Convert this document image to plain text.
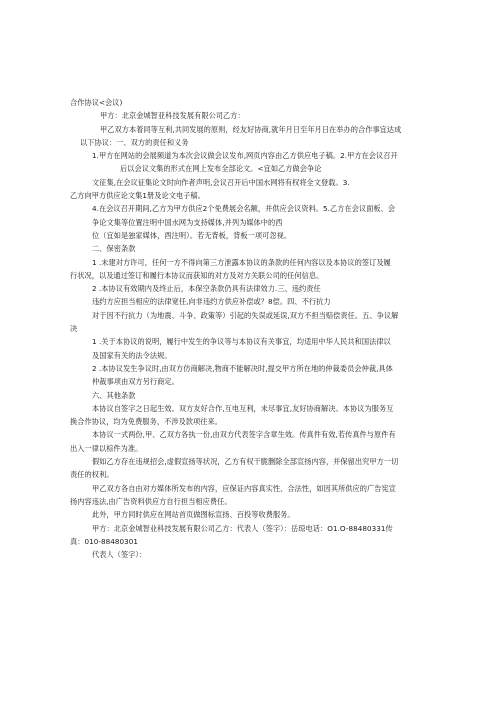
合作协议<会议)
甲方：北京金城智亚科技发展有限公司乙方：
甲乙双方本着同等互利,共同发展的原则，经友好协商,就年月日至年月日在举办的合作事宜达成
以下协议：一、双方的责任和义务
1.甲方在网站的会展频道为本次会议做会议发布,网页内容由乙方供应电子稿。2.甲方在会议召开
后以会议文集的形式在网上发布全部论文。<宜如乙方做会争论
文征集,在会议征集论文时向作者声明,会议召开后中国水网将有权将全文登载。3.
乙方向甲方供应论文集1册及论文电子稿。
4.在会议召开期间,乙方为甲方供应2个免费展会名额，并供应会议资料。5.乙方在会议面板、会
争论文集等位置注明中国水网为支持媒体,并列为媒体中的西
位（宜如是独家媒体，酉注明）。若无背板，背板一项可忽视。
二、保密条款
1 .未建对方许可，任何一方不得向第三方泄露本协议的条款的任何内容以及本协议的签订及履
行状况，以及通过签订和履行本协议而获知的对方及对方关联公司的任何信息。
2 .本协议有效期内及终止后，本保空条款仍具有法律效力.三、违约责任
违约方应担当相应的法律宽任,向非违约方供应补偿或？8偿。四、不行抗力
对于因不行抗力（为地震、斗争、政策等）引起的失误或延误,双方不担当赔偿责任。五、争议解
决
1 .关于本协议的说明，履行中发生的争议等与本协议有关事宜，均适用中华人民共和国法律以
及国家有关的法令法规。
2 .本协议发生争议时,由双方仿商解决,物商不能解决时,提交甲方所在地的仲裁委员会仲裁,具体
仲裁事项由双方另行商定。
六、其他条款
本协议自签字之日起生效。双方友好合作,互电互利，未尽事宜,友好协商解决。本协议为服务互
换合作协议，均为免费服务，不涉及款项往来。
本协议一式两份,甲、乙双方各执一份,由双方代表签字含章生效。传真件有效,若传真件与原件有
出入一律以棕件为准。
假如乙方存在违规招会,虚假宣扬等状况，乙方有权干脆删除全部宣扬内容，并保留出究甲方一切
责任的权利。
甲乙双方各自由对方媒体所发布的内容，应保证内容真实性、合法性，如因其所供应的广告宪宣
扬内容违法,由广告资料供应方自行担当相应费任。
此外，甲方同时供应在网站首页做图标宣扬、百投等收费服务。
甲方：北京金城智业科技发展有限公司乙方：代表人（签字）：岳琼电话：O1.O-88480331传
真：010-88480301
代表人（签字）：
